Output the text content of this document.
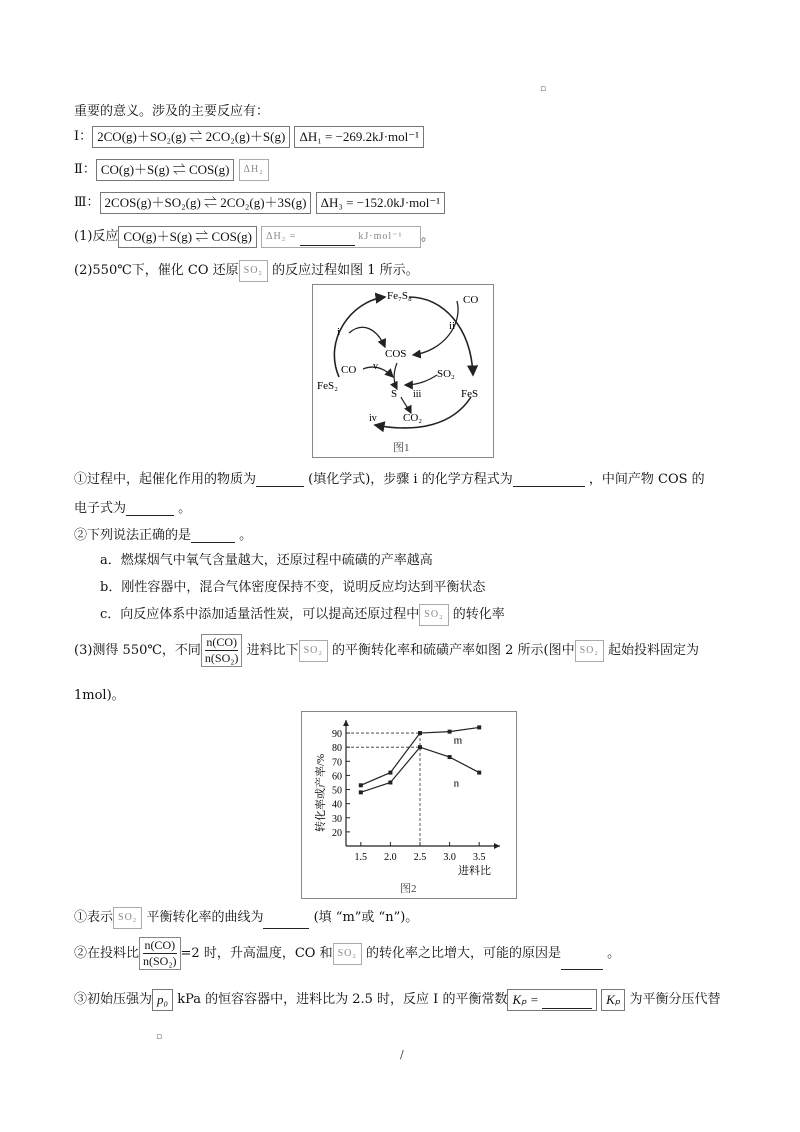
▫
重要的意义。涉及的主要反应有：
Ⅰ： 2CO(g)＋SO₂(g) ⇌ 2CO₂(g)＋S(g) ΔH₁ = −269.2kJ·mol⁻¹
Ⅱ： CO(g)＋S(g) ⇌ COS(g) ΔH₂
Ⅲ： 2COS(g)＋SO₂(g) ⇌ 2CO₂(g)＋3S(g) ΔH₃ = −152.0kJ·mol⁻¹
(1)反应 CO(g)＋S(g) ⇌ COS(g) ΔH₂ =	kJ·mol⁻¹ 。
(2)550℃下，催化 CO 还原 SO₂ 的反应过程如图 1 所示。
Fe₇S₈	CO
ii
i
COS
CO v
SO₂
FeS₂
S iii	FeS
iv CO₂
图1
①过程中，起催化作用的物质为	(填化学式)，步骤 i 的化学方程式为	，中间产物 COS 的
电子式为	。
②下列说法正确的是	。
a．燃煤烟气中氧气含量越大，还原过程中硫磺的产率越高
b．刚性容器中，混合气体密度保持不变，说明反应均达到平衡状态
c．向反应体系中添加适量活性炭，可以提高还原过程中 SO₂ 的转化率
(3)测得 550℃，不同 $\frac{n(CO)}{\text{n(SO₂)}}$ 进料比下 SO₂ 的平衡转化率和硫磺产率如图 2 所示(图中 SO₂ 起始投料固定为
1mol)。
转化率或产率/%
进料比
图2
20
30
40
50
60
70
80
90
1.5 2.0 2.5 3.0 3.5
m
n
①表示 SO₂ 平衡转化率的曲线为	(填 “m”或 “n”)。
②在投料比 $\frac{n(CO)}{\text{n(SO₂)}} =2$ 时，升高温度，CO 和 SO₂ 的转化率之比增大，可能的原因是	。
③初始压强为 p₀ kPa 的恒容容器中，进料比为 2.5 时，反应 I 的平衡常数 Kₚ =	Kₚ 为平衡分压代替
▫
/
